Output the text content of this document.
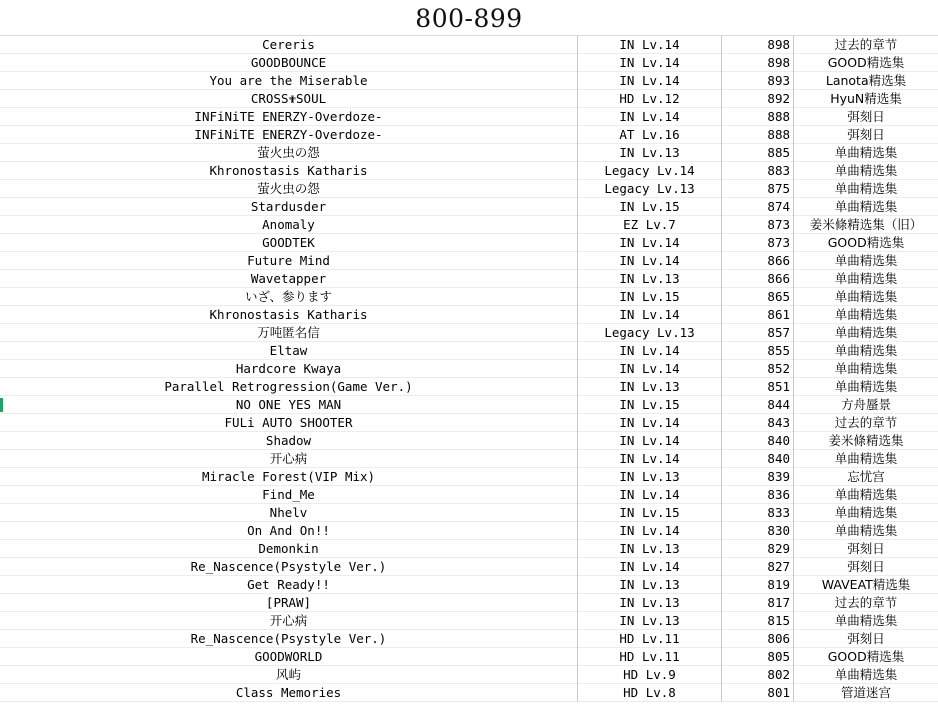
800-899
Cereris	IN Lv.14	898	过去的章节
GOODBOUNCE	IN Lv.14	898	GOOD精选集
You are the Miserable	IN Lv.14	893	Lanota精选集
CROSS✟SOUL	HD Lv.12	892	HyuN精选集
INFiNiTE ENERZY-Overdoze-	IN Lv.14	888	弭刻日
INFiNiTE ENERZY-Overdoze-	AT Lv.16	888	弭刻日
萤火虫の怨	IN Lv.13	885	单曲精选集
Khronostasis Katharis	Legacy Lv.14	883	单曲精选集
萤火虫の怨	Legacy Lv.13	875	单曲精选集
Stardusder	IN Lv.15	874	单曲精选集
Anomaly	EZ Lv.7	873	姜米條精选集（旧）
GOODTEK	IN Lv.14	873	GOOD精选集
Future Mind	IN Lv.14	866	单曲精选集
Wavetapper	IN Lv.13	866	单曲精选集
いざ、参ります	IN Lv.15	865	单曲精选集
Khronostasis Katharis	IN Lv.14	861	单曲精选集
万吨匿名信	Legacy Lv.13	857	单曲精选集
Eltaw	IN Lv.14	855	单曲精选集
Hardcore Kwaya	IN Lv.14	852	单曲精选集
Parallel Retrogression(Game Ver.)	IN Lv.13	851	单曲精选集
NO ONE YES MAN	IN Lv.15	844	方舟蜃景
FULi AUTO SHOOTER	IN Lv.14	843	过去的章节
Shadow	IN Lv.14	840	姜米條精选集
开心病	IN Lv.14	840	单曲精选集
Miracle Forest(VIP Mix)	IN Lv.13	839	忘忧宫
Find_Me	IN Lv.14	836	单曲精选集
Nhelv	IN Lv.15	833	单曲精选集
On And On!!	IN Lv.14	830	单曲精选集
Demonkin	IN Lv.13	829	弭刻日
Re_Nascence(Psystyle Ver.)	IN Lv.14	827	弭刻日
Get Ready!!	IN Lv.13	819	WAVEAT精选集
[PRAW]	IN Lv.13	817	过去的章节
开心病	IN Lv.13	815	单曲精选集
Re_Nascence(Psystyle Ver.)	HD Lv.11	806	弭刻日
GOODWORLD	HD Lv.11	805	GOOD精选集
风屿	HD Lv.9	802	单曲精选集
Class Memories	HD Lv.8	801	管道迷宫
